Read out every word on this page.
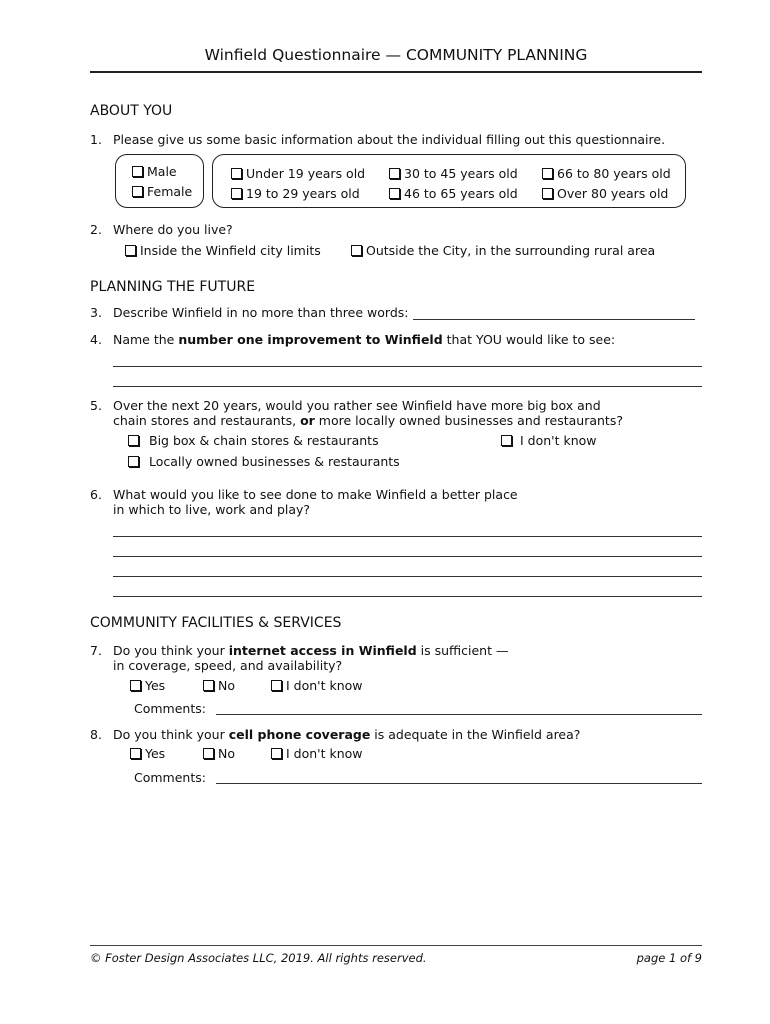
Winfield Questionnaire — COMMUNITY PLANNING
ABOUT YOU
1. Please give us some basic information about the individual filling out this questionnaire.
Male
Female
Under 19 years old
19 to 29 years old
30 to 45 years old
46 to 65 years old
66 to 80 years old
Over 80 years old
2. Where do you live?
Inside the Winfield city limits	Outside the City, in the surrounding rural area
PLANNING THE FUTURE
3. Describe Winfield in no more than three words:
4. Name the number one improvement to Winfield that YOU would like to see:
5. Over the next 20 years, would you rather see Winfield have more big box and
chain stores and restaurants, or more locally owned businesses and restaurants?
Big box & chain stores & restaurants
Locally owned businesses & restaurants
I don't know
6. What would you like to see done to make Winfield a better place
in which to live, work and play?
COMMUNITY FACILITIES & SERVICES
7. Do you think your internet access in Winfield is sufficient —
in coverage, speed, and availability?
Yes	No	I don't know
Comments:
8. Do you think your cell phone coverage is adequate in the Winfield area?
Yes	No	I don't know
Comments:
© Foster Design Associates LLC, 2019. All rights reserved.	page 1 of 9
